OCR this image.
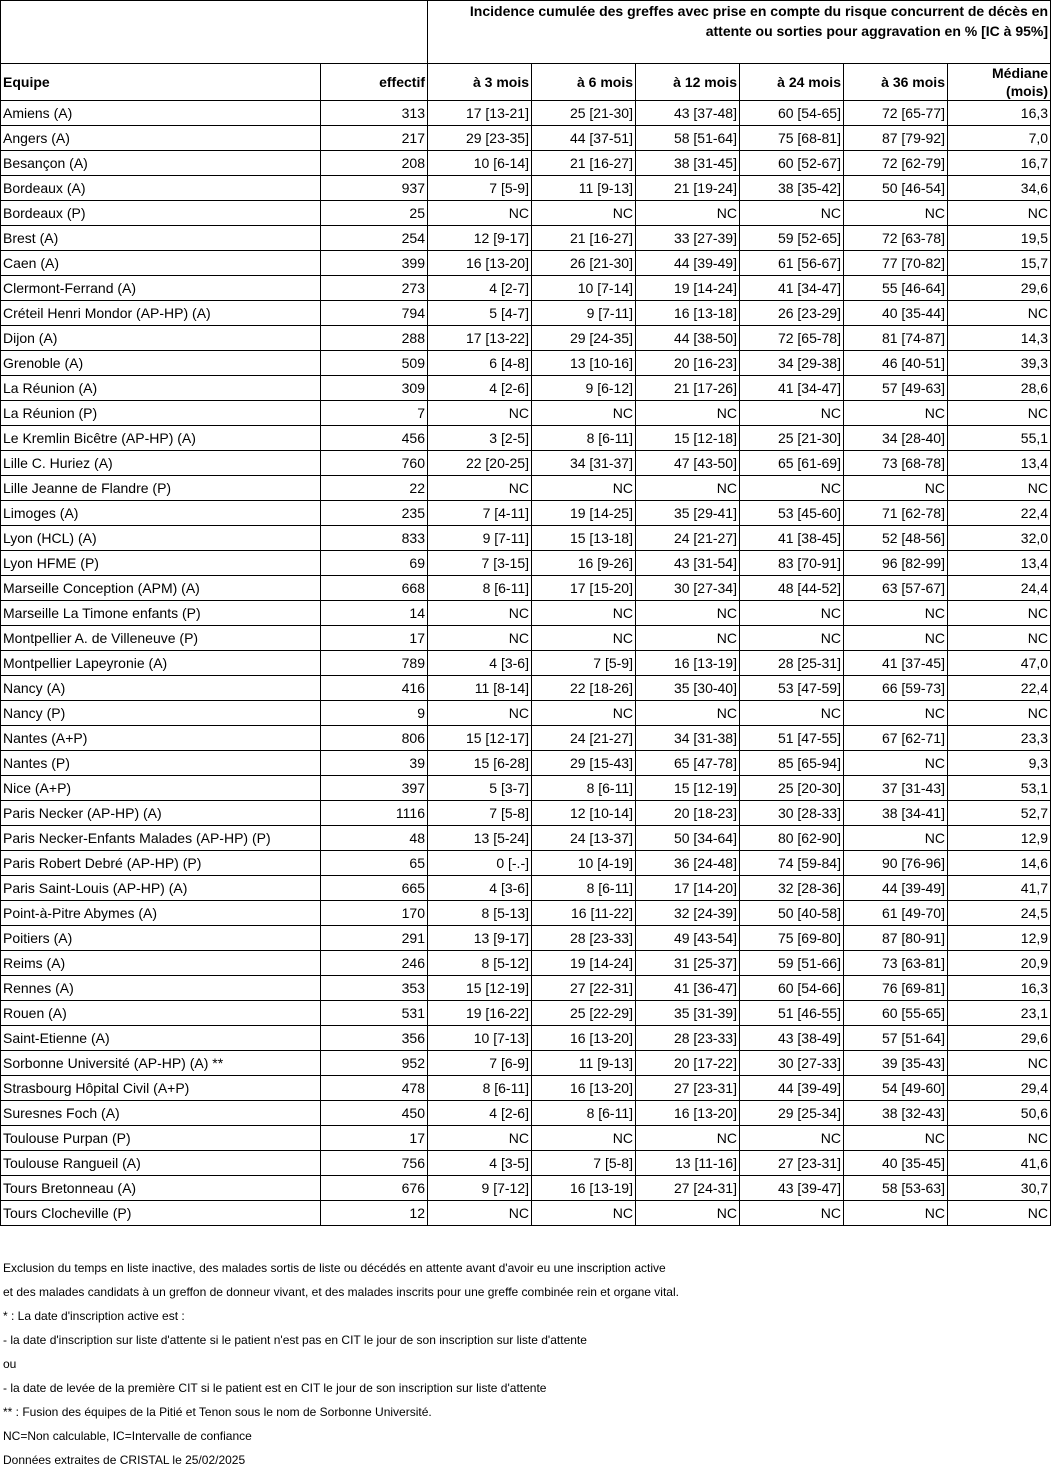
		Incidence cumulée des greffes avec prise en compte du risque concurrent de décès en attente ou sorties pour aggravation en % [IC à 95%]					
Equipe	effectif	à 3 mois	à 6 mois	à 12 mois	à 24 mois	à 36 mois	Médiane
(mois)
Amiens (A)	313	17 [13-21]	25 [21-30]	43 [37-48]	60 [54-65]	72 [65-77]	16,3
Angers (A)	217	29 [23-35]	44 [37-51]	58 [51-64]	75 [68-81]	87 [79-92]	7,0
Besançon (A)	208	10 [6-14]	21 [16-27]	38 [31-45]	60 [52-67]	72 [62-79]	16,7
Bordeaux (A)	937	7 [5-9]	11 [9-13]	21 [19-24]	38 [35-42]	50 [46-54]	34,6
Bordeaux (P)	25	NC	NC	NC	NC	NC	NC
Brest (A)	254	12 [9-17]	21 [16-27]	33 [27-39]	59 [52-65]	72 [63-78]	19,5
Caen (A)	399	16 [13-20]	26 [21-30]	44 [39-49]	61 [56-67]	77 [70-82]	15,7
Clermont-Ferrand (A)	273	4 [2-7]	10 [7-14]	19 [14-24]	41 [34-47]	55 [46-64]	29,6
Créteil Henri Mondor (AP-HP) (A)	794	5 [4-7]	9 [7-11]	16 [13-18]	26 [23-29]	40 [35-44]	NC
Dijon (A)	288	17 [13-22]	29 [24-35]	44 [38-50]	72 [65-78]	81 [74-87]	14,3
Grenoble (A)	509	6 [4-8]	13 [10-16]	20 [16-23]	34 [29-38]	46 [40-51]	39,3
La Réunion (A)	309	4 [2-6]	9 [6-12]	21 [17-26]	41 [34-47]	57 [49-63]	28,6
La Réunion (P)	7	NC	NC	NC	NC	NC	NC
Le Kremlin Bicêtre (AP-HP) (A)	456	3 [2-5]	8 [6-11]	15 [12-18]	25 [21-30]	34 [28-40]	55,1
Lille C. Huriez (A)	760	22 [20-25]	34 [31-37]	47 [43-50]	65 [61-69]	73 [68-78]	13,4
Lille Jeanne de Flandre (P)	22	NC	NC	NC	NC	NC	NC
Limoges (A)	235	7 [4-11]	19 [14-25]	35 [29-41]	53 [45-60]	71 [62-78]	22,4
Lyon (HCL) (A)	833	9 [7-11]	15 [13-18]	24 [21-27]	41 [38-45]	52 [48-56]	32,0
Lyon HFME (P)	69	7 [3-15]	16 [9-26]	43 [31-54]	83 [70-91]	96 [82-99]	13,4
Marseille Conception (APM) (A)	668	8 [6-11]	17 [15-20]	30 [27-34]	48 [44-52]	63 [57-67]	24,4
Marseille La Timone enfants (P)	14	NC	NC	NC	NC	NC	NC
Montpellier A. de Villeneuve (P)	17	NC	NC	NC	NC	NC	NC
Montpellier Lapeyronie (A)	789	4 [3-6]	7 [5-9]	16 [13-19]	28 [25-31]	41 [37-45]	47,0
Nancy (A)	416	11 [8-14]	22 [18-26]	35 [30-40]	53 [47-59]	66 [59-73]	22,4
Nancy (P)	9	NC	NC	NC	NC	NC	NC
Nantes (A+P)	806	15 [12-17]	24 [21-27]	34 [31-38]	51 [47-55]	67 [62-71]	23,3
Nantes (P)	39	15 [6-28]	29 [15-43]	65 [47-78]	85 [65-94]	NC	9,3
Nice (A+P)	397	5 [3-7]	8 [6-11]	15 [12-19]	25 [20-30]	37 [31-43]	53,1
Paris Necker (AP-HP) (A)	1116	7 [5-8]	12 [10-14]	20 [18-23]	30 [28-33]	38 [34-41]	52,7
Paris Necker-Enfants Malades (AP-HP) (P)	48	13 [5-24]	24 [13-37]	50 [34-64]	80 [62-90]	NC	12,9
Paris Robert Debré (AP-HP) (P)	65	0 [-.-]	10 [4-19]	36 [24-48]	74 [59-84]	90 [76-96]	14,6
Paris Saint-Louis (AP-HP) (A)	665	4 [3-6]	8 [6-11]	17 [14-20]	32 [28-36]	44 [39-49]	41,7
Point-à-Pitre Abymes (A)	170	8 [5-13]	16 [11-22]	32 [24-39]	50 [40-58]	61 [49-70]	24,5
Poitiers (A)	291	13 [9-17]	28 [23-33]	49 [43-54]	75 [69-80]	87 [80-91]	12,9
Reims (A)	246	8 [5-12]	19 [14-24]	31 [25-37]	59 [51-66]	73 [63-81]	20,9
Rennes (A)	353	15 [12-19]	27 [22-31]	41 [36-47]	60 [54-66]	76 [69-81]	16,3
Rouen (A)	531	19 [16-22]	25 [22-29]	35 [31-39]	51 [46-55]	60 [55-65]	23,1
Saint-Etienne (A)	356	10 [7-13]	16 [13-20]	28 [23-33]	43 [38-49]	57 [51-64]	29,6
Sorbonne Université (AP-HP) (A) **	952	7 [6-9]	11 [9-13]	20 [17-22]	30 [27-33]	39 [35-43]	NC
Strasbourg Hôpital Civil (A+P)	478	8 [6-11]	16 [13-20]	27 [23-31]	44 [39-49]	54 [49-60]	29,4
Suresnes Foch (A)	450	4 [2-6]	8 [6-11]	16 [13-20]	29 [25-34]	38 [32-43]	50,6
Toulouse Purpan (P)	17	NC	NC	NC	NC	NC	NC
Toulouse Rangueil (A)	756	4 [3-5]	7 [5-8]	13 [11-16]	27 [23-31]	40 [35-45]	41,6
Tours Bretonneau (A)	676	9 [7-12]	16 [13-19]	27 [24-31]	43 [39-47]	58 [53-63]	30,7
Tours Clocheville (P)	12	NC	NC	NC	NC	NC	NC
Exclusion du temps en liste inactive, des malades sortis de liste ou décédés en attente avant d'avoir eu une inscription active
et des malades candidats à un greffon de donneur vivant, et des malades inscrits pour une greffe combinée rein et organe vital.
* : La date d'inscription active est :
- la date d'inscription sur liste d'attente si le patient n'est pas en CIT le jour de son inscription sur liste d'attente
ou
- la date de levée de la première CIT si le patient est en CIT le jour de son inscription sur liste d'attente
** : Fusion des équipes de la Pitié et Tenon sous le nom de Sorbonne Université.
NC=Non calculable, IC=Intervalle de confiance
Données extraites de CRISTAL le 25/02/2025
